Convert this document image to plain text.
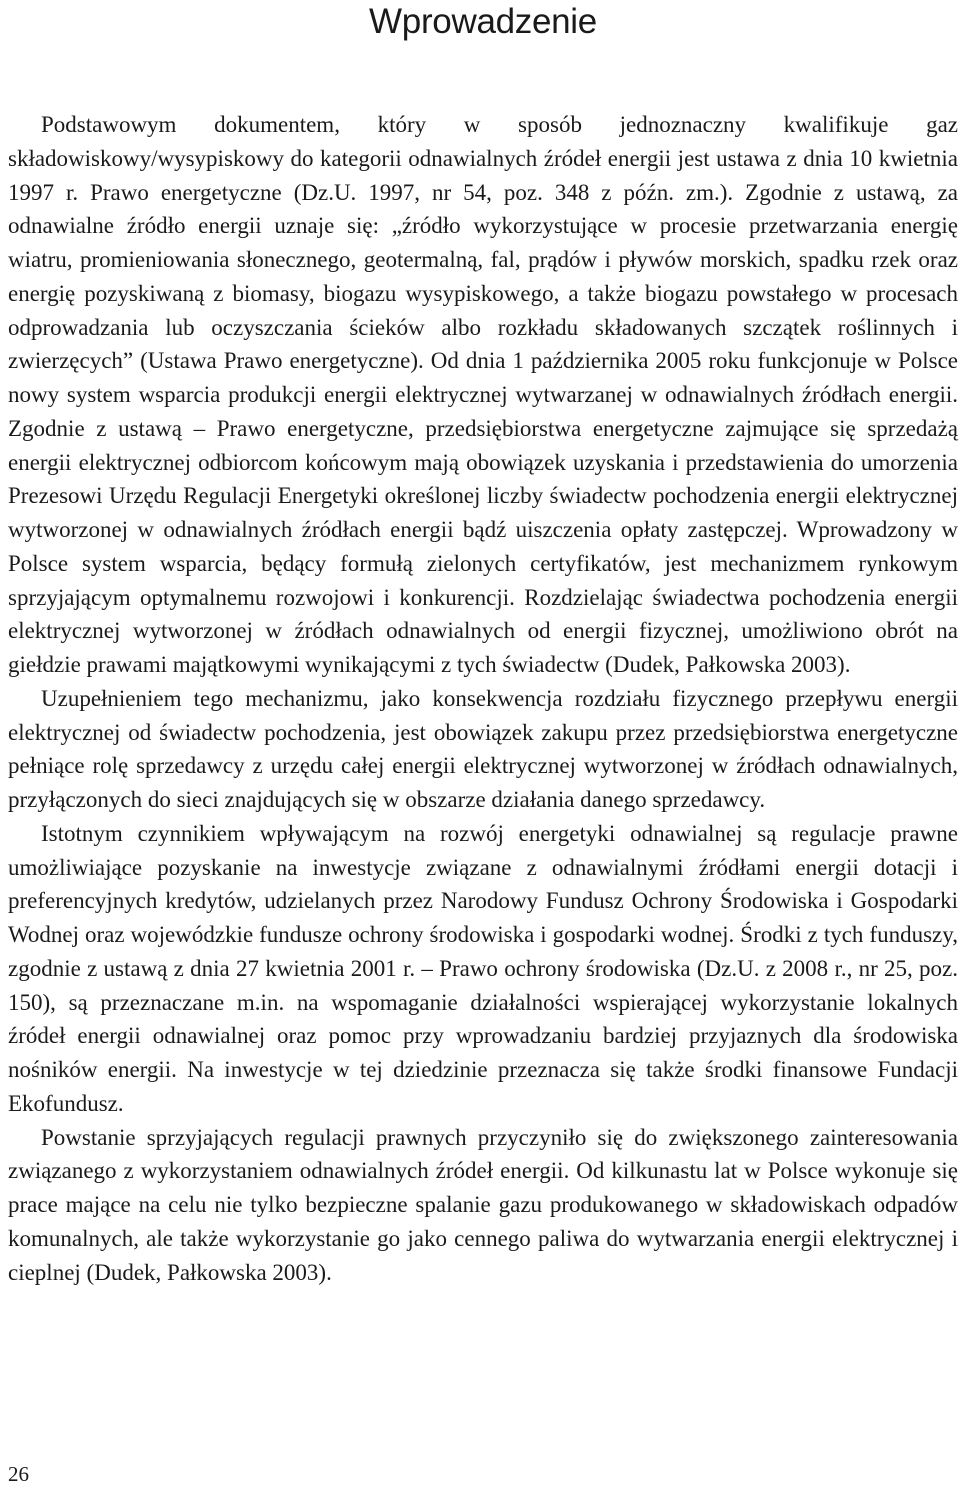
Wprowadzenie

Podstawowym dokumentem, który w sposób jednoznaczny kwalifikuje gaz składowiskowy/wysypiskowy do kategorii odnawialnych źródeł energii jest ustawa z dnia 10 kwietnia 1997 r. Prawo energetyczne (Dz.U. 1997, nr 54, poz. 348 z późn. zm.). Zgodnie z ustawą, za odnawialne źródło energii uznaje się: „źródło wykorzystujące w procesie przetwarzania energię wiatru, promieniowania słonecznego, geotermalną, fal, prądów i pływów morskich, spadku rzek oraz energię pozyskiwaną z biomasy, biogazu wysypiskowego, a także biogazu powstałego w procesach odprowadzania lub oczyszczania ścieków albo rozkładu składowanych szczątek roślinnych i zwierzęcych” (Ustawa Prawo energetyczne). Od dnia 1 października 2005 roku funkcjonuje w Polsce nowy system wsparcia produkcji energii elektrycznej wytwarzanej w odnawialnych źródłach energii. Zgodnie z ustawą – Prawo energetyczne, przedsiębiorstwa energetyczne zajmujące się sprzedażą energii elektrycznej odbiorcom końcowym mają obowiązek uzyskania i przedstawienia do umorzenia Prezesowi Urzędu Regulacji Energetyki określonej liczby świadectw pochodzenia energii elektrycznej wytworzonej w odnawialnych źródłach energii bądź uiszczenia opłaty zastępczej. Wprowadzony w Polsce system wsparcia, będący formułą zielonych certyfikatów, jest mechanizmem rynkowym sprzyjającym optymalnemu rozwojowi i konkurencji. Rozdzielając świadectwa pochodzenia energii elektrycznej wytworzonej w źródłach odnawialnych od energii fizycznej, umożliwiono obrót na giełdzie prawami majątkowymi wynikającymi z tych świadectw (Dudek, Pałkowska 2003).

Uzupełnieniem tego mechanizmu, jako konsekwencja rozdziału fizycznego przepływu energii elektrycznej od świadectw pochodzenia, jest obowiązek zakupu przez przedsiębiorstwa energetyczne pełniące rolę sprzedawcy z urzędu całej energii elektrycznej wytworzonej w źródłach odnawialnych, przyłączonych do sieci znajdujących się w obszarze działania danego sprzedawcy.

Istotnym czynnikiem wpływającym na rozwój energetyki odnawialnej są regulacje prawne umożliwiające pozyskanie na inwestycje związane z odnawialnymi źródłami energii dotacji i preferencyjnych kredytów, udzielanych przez Narodowy Fundusz Ochrony Środowiska i Gospodarki Wodnej oraz wojewódzkie fundusze ochrony środowiska i gospodarki wodnej. Środki z tych funduszy, zgodnie z ustawą z dnia 27 kwietnia 2001 r. – Prawo ochrony środowiska (Dz.U. z 2008 r., nr 25, poz. 150), są przeznaczane m.in. na wspomaganie działalności wspierającej wykorzystanie lokalnych źródeł energii odnawialnej oraz pomoc przy wprowadzaniu bardziej przyjaznych dla środowiska nośników energii. Na inwestycje w tej dziedzinie przeznacza się także środki finansowe Fundacji Ekofundusz.

Powstanie sprzyjających regulacji prawnych przyczyniło się do zwiększonego zainteresowania związanego z wykorzystaniem odnawialnych źródeł energii. Od kilkunastu lat w Polsce wykonuje się prace mające na celu nie tylko bezpieczne spalanie gazu produkowanego w składowiskach odpadów komunalnych, ale także wykorzystanie go jako cennego paliwa do wytwarzania energii elektrycznej i cieplnej (Dudek, Pałkowska 2003).

26
